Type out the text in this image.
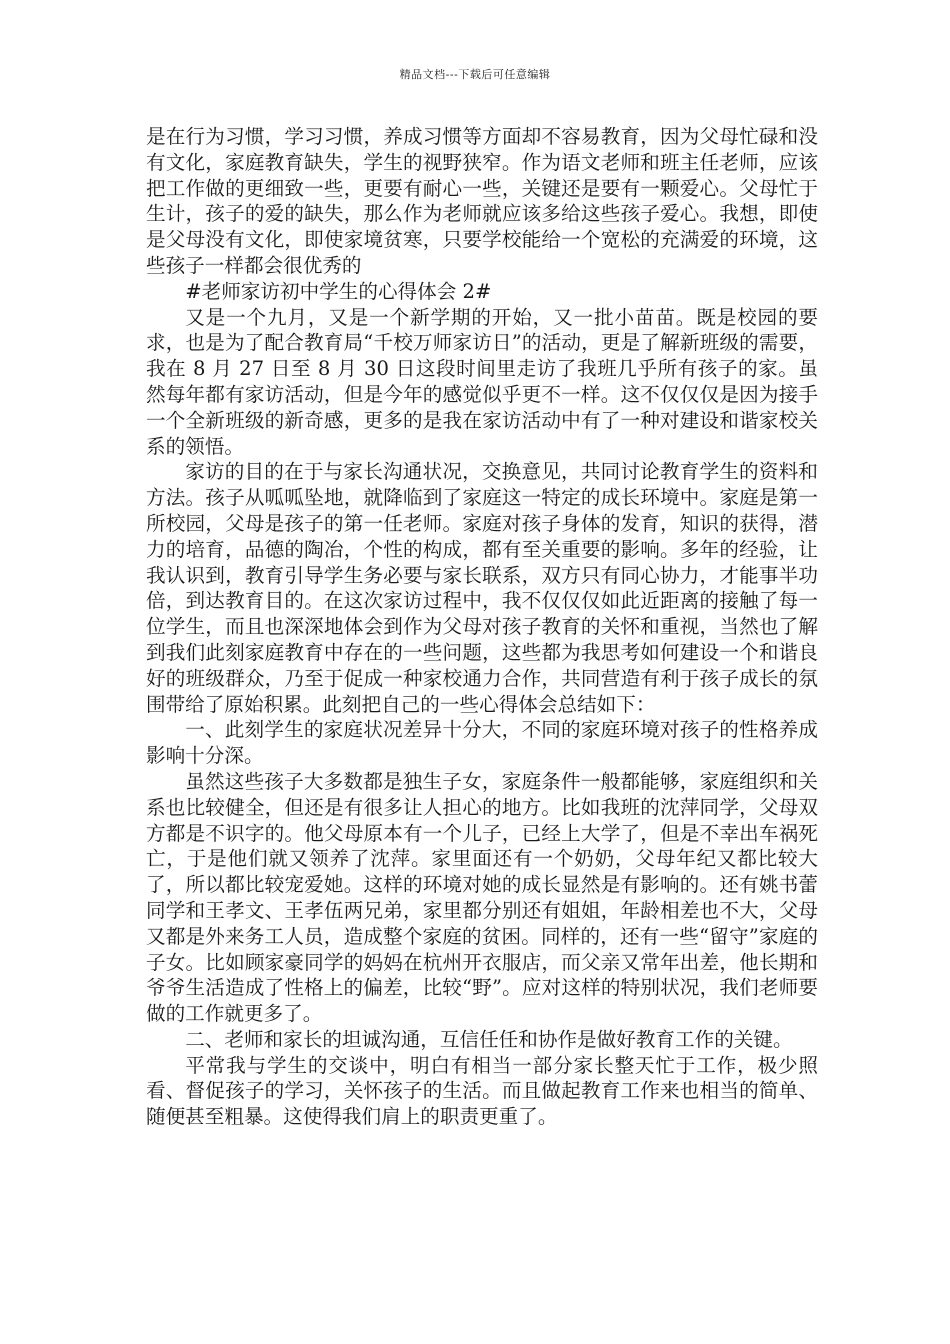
精品文档---下载后可任意编辑

是在行为习惯，学习习惯，养成习惯等方面却不容易教育，因为父母忙碌和没有文化，家庭教育缺失，学生的视野狭窄。作为语文老师和班主任老师，应该把工作做的更细致一些，更要有耐心一些，关键还是要有一颗爱心。父母忙于生计，孩子的爱的缺失，那么作为老师就应该多给这些孩子爱心。我想，即使是父母没有文化，即使家境贫寒，只要学校能给一个宽松的充满爱的环境，这些孩子一样都会很优秀的

#老师家访初中学生的心得体会 2#

又是一个九月，又是一个新学期的开始，又一批小苗苗。既是校园的要求，也是为了配合教育局“千校万师家访日”的活动，更是了解新班级的需要，我在 8 月 27 日至 8 月 30 日这段时间里走访了我班几乎所有孩子的家。虽然每年都有家访活动，但是今年的感觉似乎更不一样。这不仅仅仅是因为接手一个全新班级的新奇感，更多的是我在家访活动中有了一种对建设和谐家校关系的领悟。

家访的目的在于与家长沟通状况，交换意见，共同讨论教育学生的资料和方法。孩子从呱呱坠地，就降临到了家庭这一特定的成长环境中。家庭是第一所校园，父母是孩子的第一任老师。家庭对孩子身体的发育，知识的获得，潜力的培育，品德的陶冶，个性的构成，都有至关重要的影响。多年的经验，让我认识到，教育引导学生务必要与家长联系，双方只有同心协力，才能事半功倍，到达教育目的。在这次家访过程中，我不仅仅仅如此近距离的接触了每一位学生，而且也深深地体会到作为父母对孩子教育的关怀和重视，当然也了解到我们此刻家庭教育中存在的一些问题，这些都为我思考如何建设一个和谐良好的班级群众，乃至于促成一种家校通力合作，共同营造有利于孩子成长的氛围带给了原始积累。此刻把自己的一些心得体会总结如下：

一、此刻学生的家庭状况差异十分大，不同的家庭环境对孩子的性格养成影响十分深。

虽然这些孩子大多数都是独生子女，家庭条件一般都能够，家庭组织和关系也比较健全，但还是有很多让人担心的地方。比如我班的沈萍同学，父母双方都是不识字的。他父母原本有一个儿子，已经上大学了，但是不幸出车祸死亡，于是他们就又领养了沈萍。家里面还有一个奶奶，父母年纪又都比较大了，所以都比较宠爱她。这样的环境对她的成长显然是有影响的。还有姚书蕾同学和王孝文、王孝伍两兄弟，家里都分别还有姐姐，年龄相差也不大，父母又都是外来务工人员，造成整个家庭的贫困。同样的，还有一些“留守”家庭的子女。比如顾家豪同学的妈妈在杭州开衣服店，而父亲又常年出差，他长期和爷爷生活造成了性格上的偏差，比较“野”。应对这样的特别状况，我们老师要做的工作就更多了。

二、老师和家长的坦诚沟通，互信任任和协作是做好教育工作的关键。

平常我与学生的交谈中，明白有相当一部分家长整天忙于工作，极少照看、督促孩子的学习，关怀孩子的生活。而且做起教育工作来也相当的简单、随便甚至粗暴。这使得我们肩上的职责更重了。
